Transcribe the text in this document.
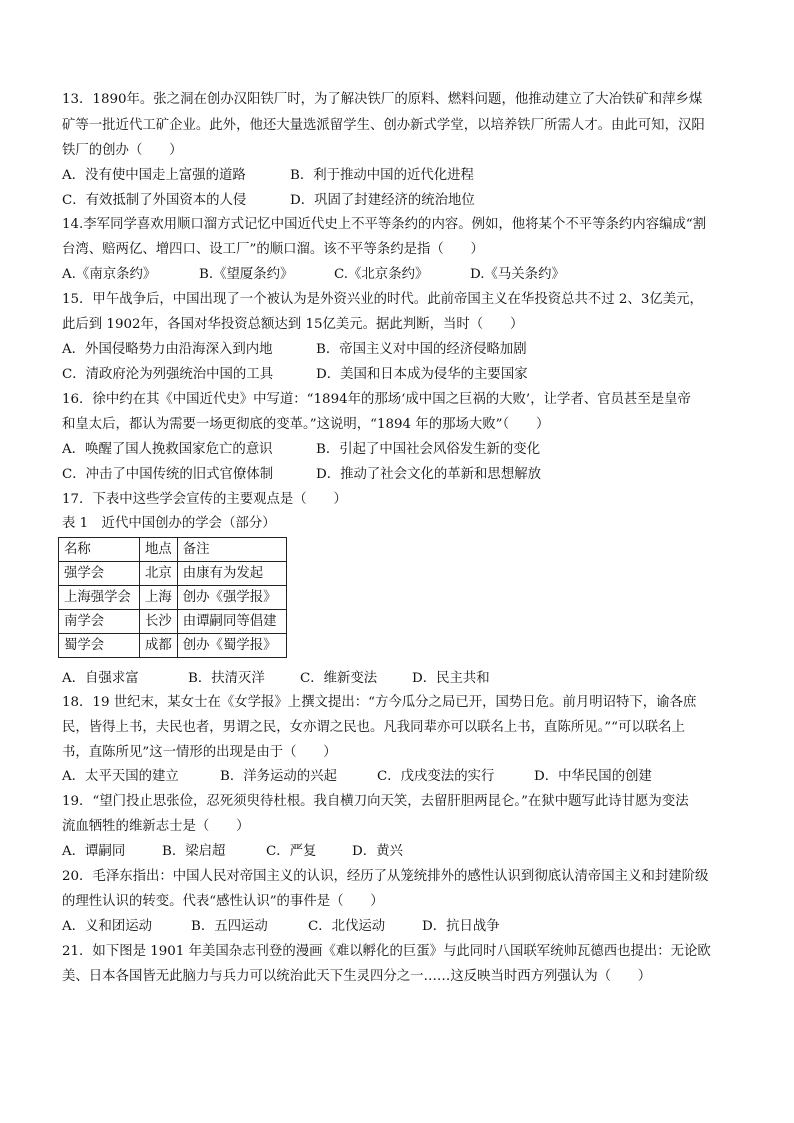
13．1890年。张之洞在创办汉阳铁厂时，为了解决铁厂的原料、燃料问题，他推动建立了大冶铁矿和萍乡煤
矿等一批近代工矿企业。此外，他还大量选派留学生、创办新式学堂，以培养铁厂所需人才。由此可知，汉阳
铁厂的创办（　　）
A．没有使中国走上富强的道路	B．利于推动中国的近代化进程
C．有效抵制了外国资本的人侵	D．巩固了封建经济的统治地位
14.李军同学喜欢用顺口溜方式记忆中国近代史上不平等条约的内容。例如，他将某个不平等条约内容编成“割
台湾、赔两亿、增四口、设工厂”的顺口溜。该不平等条约是指（　　）
A.《南京条约》	B.《望厦条约》	C.《北京条约》	D.《马关条约》
15．甲午战争后，中国出现了一个被认为是外资兴业的时代。此前帝国主义在华投资总共不过 2、3亿美元，
此后到 1902年，各国对华投资总额达到 15亿美元。据此判断，当时（　　）
A．外国侵略势力由沿海深入到内地	B．帝国主义对中国的经济侵略加剧
C．清政府沦为列强统治中国的工具	D．美国和日本成为侵华的主要国家
16．徐中约在其《中国近代史》中写道：“1894年的那场‘成中国之巨祸的大败’，让学者、官员甚至是皇帝
和皇太后，都认为需要一场更彻底的变革。”这说明，“1894 年的那场大败”（　　）
A．唤醒了国人挽救国家危亡的意识	B．引起了中国社会风俗发生新的变化
C．冲击了中国传统的旧式官僚体制	D．推动了社会文化的革新和思想解放
17．下表中这些学会宣传的主要观点是（　　）
表 1　近代中国创办的学会（部分）
名称	地点	备注
强学会	北京	由康有为发起
上海强学会	上海	创办《强学报》
南学会	长沙	由谭嗣同等倡建
蜀学会	成都	创办《蜀学报》
A．自强求富	B．扶清灭洋	C．维新变法	D．民主共和
18．19 世纪末，某女士在《女学报》上撰文提出：“方今瓜分之局已开，国势日危。前月明诏特下，谕各庶
民，皆得上书，夫民也者，男谓之民，女亦谓之民也。凡我同辈亦可以联名上书，直陈所见。”“可以联名上
书，直陈所见”这一情形的出现是由于（　　）
A．太平天国的建立	B．洋务运动的兴起	C．戊戌变法的实行	D．中华民国的创建
19．“望门投止思张俭，忍死须臾待杜根。我自横刀向天笑，去留肝胆两昆仑。”在狱中题写此诗甘愿为变法
流血牺牲的维新志士是（　　）
A．谭嗣同	B．梁启超	C．严复	D．黄兴
20．毛泽东指出：中国人民对帝国主义的认识，经历了从笼统排外的感性认识到彻底认清帝国主义和封建阶级
的理性认识的转变。代表“感性认识”的事件是（　　）
A．义和团运动	B．五四运动	C．北伐运动	D．抗日战争
21．如下图是 1901 年美国杂志刊登的漫画《难以孵化的巨蛋》与此同时八国联军统帅瓦德西也提出：无论欧
美、日本各国皆无此脑力与兵力可以统治此天下生灵四分之一……这反映当时西方列强认为（　　）
